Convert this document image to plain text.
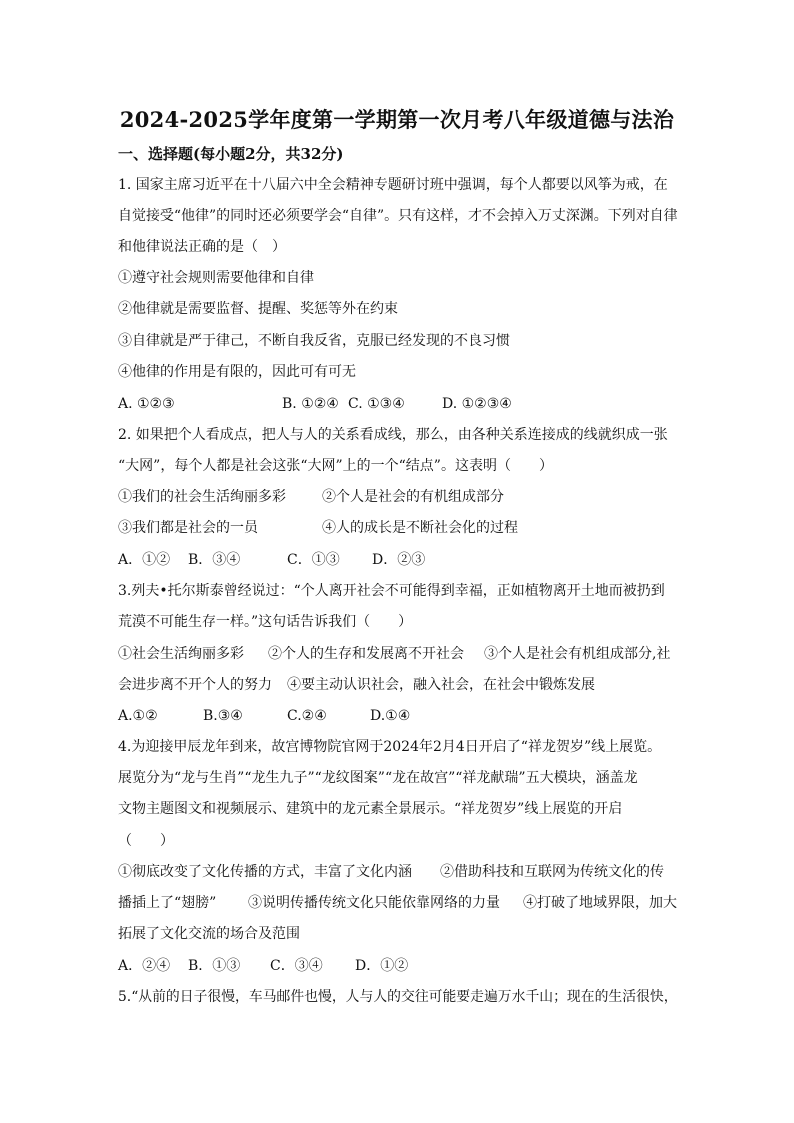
2024-2025学年度第一学期第一次月考八年级道德与法治
一、选择题(每小题2分，共32分)
1. 国家主席习近平在十八届六中全会精神专题研讨班中强调，每个人都要以风筝为戒，在
自觉接受“他律”的同时还必须要学会“自律”。只有这样，才不会掉入万丈深渊。下列对自律
和他律说法正确的是（　）
①遵守社会规则需要他律和自律
②他律就是需要监督、提醒、奖惩等外在约束
③自律就是严于律己，不断自我反省，克服已经发现的不良习惯
④他律的作用是有限的，因此可有可无
A. ①②③	B. ①②④ C. ①③④	D. ①②③④
2. 如果把个人看成点，把人与人的关系看成线，那么，由各种关系连接成的线就织成一张
“大网”，每个人都是社会这张“大网”上的一个“结点”。这表明（　　）
①我们的社会生活绚丽多彩	②个人是社会的有机组成部分
③我们都是社会的一员	④人的成长是不断社会化的过程
A．①② B．③④	C．①③ D．②③
3.列夫•托尔斯泰曾经说过：“个人离开社会不可能得到幸福，正如植物离开土地而被扔到
荒漠不可能生存一样。”这句话告诉我们（　　）
①社会生活绚丽多彩 ②个人的生存和发展离不开社会 ③个人是社会有机组成部分,社
会进步离不开个人的努力 ④要主动认识社会，融入社会，在社会中锻炼发展
A.①②	B.③④	C.②④	D.①④
4.为迎接甲辰龙年到来，故宫博物院官网于2024年2月4日开启了“祥龙贺岁”线上展览。
展览分为“龙与生肖”“龙生九子”“龙纹图案”“龙在故宫”“祥龙献瑞”五大模块，涵盖龙
文物主题图文和视频展示、建筑中的龙元素全景展示。“祥龙贺岁”线上展览的开启
（　　）
①彻底改变了文化传播的方式，丰富了文化内涵 ②借助科技和互联网为传统文化的传
播插上了“翅膀” ③说明传播传统文化只能依靠网络的力量 ④打破了地域界限，加大
拓展了文化交流的场合及范围
A．②④ B．①③ C．③④ D．①②
5.“从前的日子很慢，车马邮件也慢，人与人的交往可能要走遍万水千山；现在的生活很快，
